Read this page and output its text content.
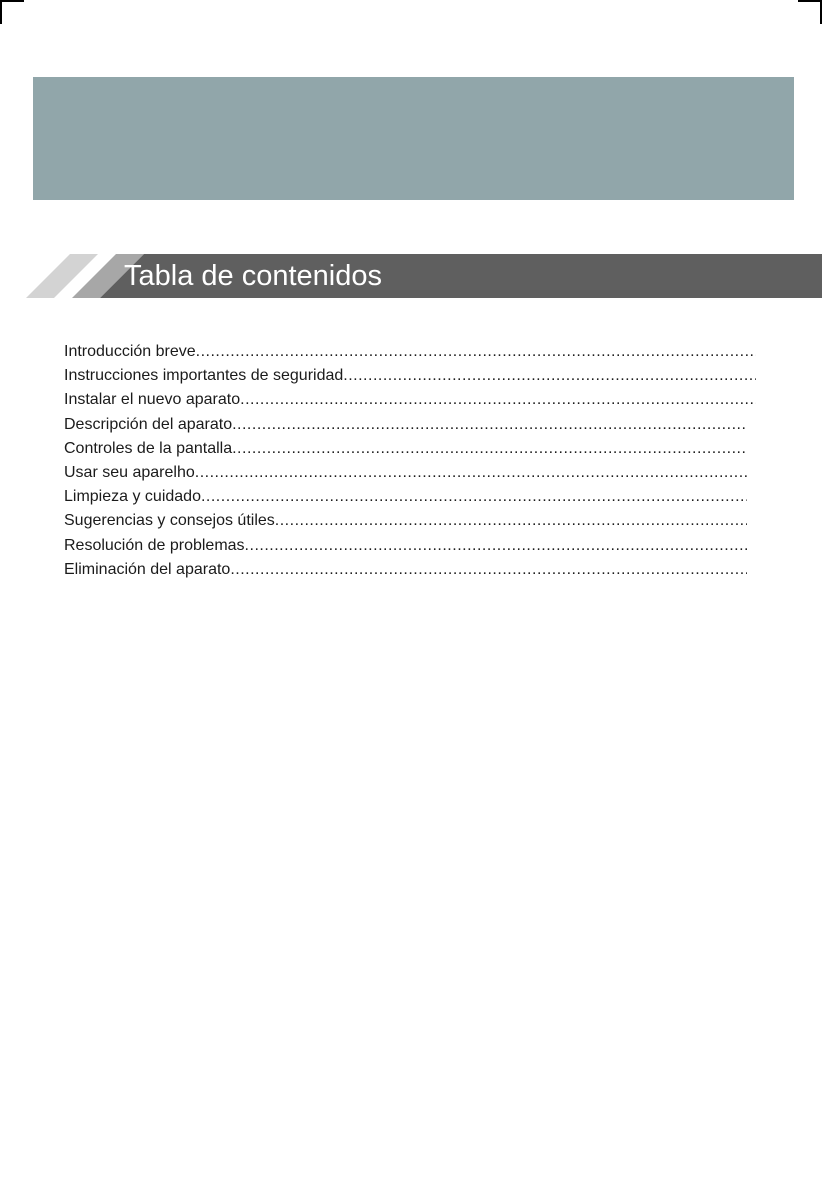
Tabla de contenidos
Introducción breve
.....
Instrucciones importantes de seguridad
.....
Instalar el nuevo aparato
.....
Descripción del aparato
.....
Controles de la pantalla
.....
Usar seu aparelho
.....
Limpieza y cuidado
.....
Sugerencias y consejos útiles
.....
Resolución de problemas
.....
Eliminación del aparato
.....
